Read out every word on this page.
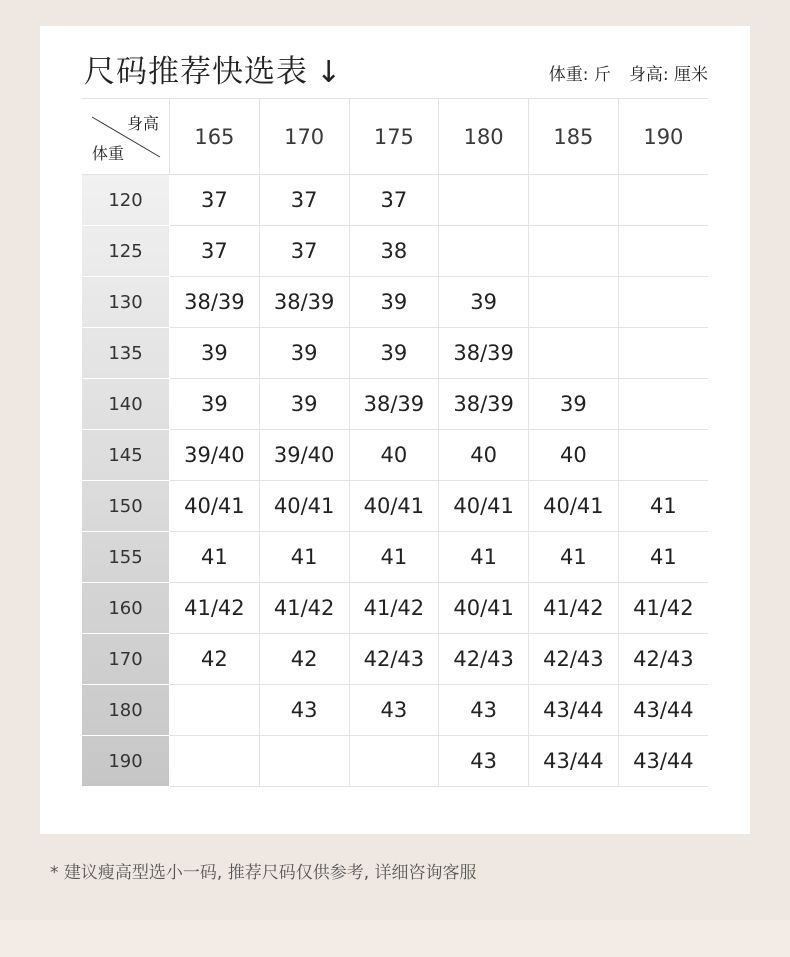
尺码推荐快选表 ↓	体重: 斤 身高: 厘米
身高
体重	165	170	175	180	185	190
120	37	37	37			
125	37	37	38			
130	38/39	38/39	39	39		
135	39	39	39	38/39		
140	39	39	38/39	38/39	39	
145	39/40	39/40	40	40	40	
150	40/41	40/41	40/41	40/41	40/41	41
155	41	41	41	41	41	41
160	41/42	41/42	41/42	40/41	41/42	41/42
170	42	42	42/43	42/43	42/43	42/43
180		43	43	43	43/44	43/44
190				43	43/44	43/44
* 建议瘦高型选小一码, 推荐尺码仅供参考, 详细咨询客服
